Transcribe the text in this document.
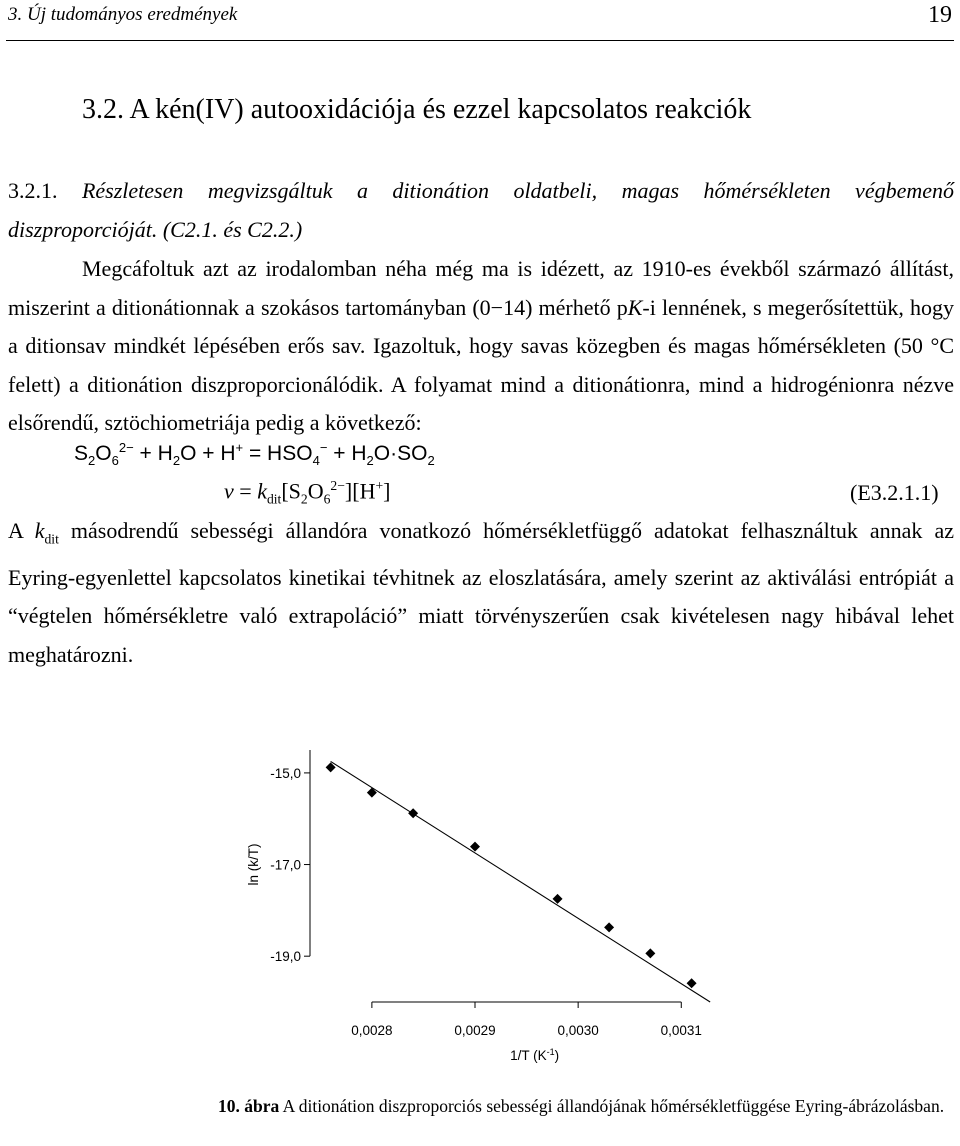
3. Új tudományos eredmények	19
3.2. A kén(IV) autooxidációja és ezzel kapcsolatos reakciók
3.2.1. Részletesen megvizsgáltuk a ditionátion oldatbeli, magas hőmérsékleten végbemenő diszproporcióját. (C2.1. és C2.2.)
Megcáfoltuk azt az irodalomban néha még ma is idézett, az 1910-es évekből származó állítást, miszerint a ditionátionnak a szokásos tartományban (0−14) mérhető pK-i lennének, s megerősítettük, hogy a ditionsav mindkét lépésében erős sav. Igazoltuk, hogy savas közegben és magas hőmérsékleten (50 °C felett) a ditionátion diszproporcionálódik. A folyamat mind a ditionátionra, mind a hidrogénionra nézve elsőrendű, sztöchiometriája pedig a következő:
$S_2O_6^{2-} + H_2O + H^+ = HSO_4^- + H_2O\cdot SO_2$
$v = k_{dit}[S_2O_6^{2-}][H^+]$	(E3.2.1.1)
A $k_{dit}$ másodrendű sebességi állandóra vonatkozó hőmérsékletfüggő adatokat felhasználtuk annak az Eyring-egyenlettel kapcsolatos kinetikai tévhitnek az eloszlatására, amely szerint az aktiválási entrópiát a “végtelen hőmérsékletre való extrapoláció” miatt törvényszerűen csak kivételesen nagy hibával lehet meghatározni.
-15,0
-17,0
-19,0
0,0028	0,0029	0,0030	0,0031
ln (k/T)
1/T $(K^{-1})$
10. ábra A ditionátion diszproporciós sebességi állandójának hőmérsékletfüggése Eyring-ábrázolásban.
